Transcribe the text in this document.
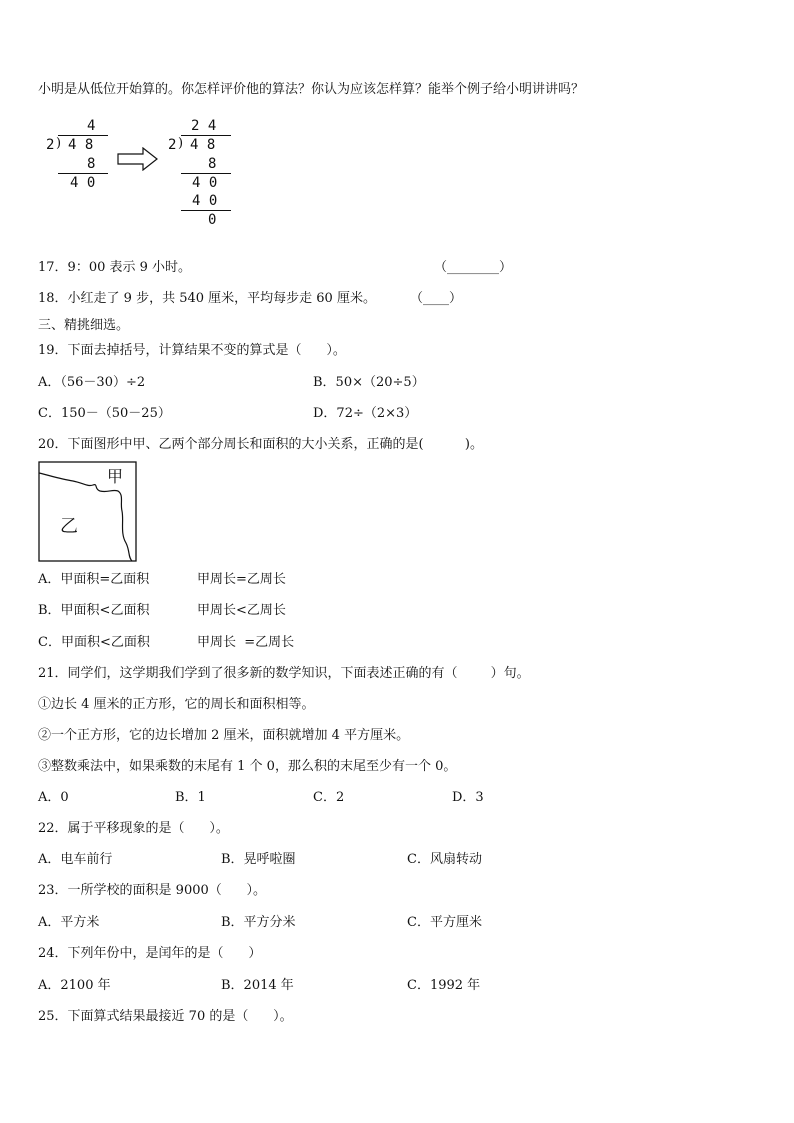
小明是从低位开始算的。你怎样评价他的算法？你认为应该怎样算？能举个例子给小明讲讲吗？
4
2 ) 4 8
8
4 0
2 4
2 ) 4 8
8
4 0
4 0
0
17．9：00 表示 9 小时。	（________）
18．小红走了 9 步，共 540 厘米，平均每步走 60 厘米。	（____）
三、精挑细选。
19．下面去掉括号，计算结果不变的算式是（      ）。
A．（56－30）÷2	B．50×（20÷5）
C．150－（50－25）	D．72÷（2×3）
20．下面图形中甲、乙两个部分周长和面积的大小关系，正确的是(          )。
甲
乙
A．甲面积=乙面积	甲周长=乙周长
B．甲面积<乙面积	甲周长<乙周长
C．甲面积<乙面积	甲周长  =乙周长
21．同学们，这学期我们学到了很多新的数学知识，下面表述正确的有（        ）句。
①边长 4 厘米的正方形，它的周长和面积相等。
②一个正方形，它的边长增加 2 厘米，面积就增加 4 平方厘米。
③整数乘法中，如果乘数的末尾有 1 个 0，那么积的末尾至少有一个 0。
A．0	B．1	C．2	D．3
22．属于平移现象的是（      ）。
A．电车前行	B．晃呼啦圈	C．风扇转动
23．一所学校的面积是 9000（      ）。
A．平方米	B．平方分米	C．平方厘米
24．下列年份中，是闰年的是（      ）
A．2100 年	B．2014 年	C．1992 年
25．下面算式结果最接近 70 的是（      ）。
